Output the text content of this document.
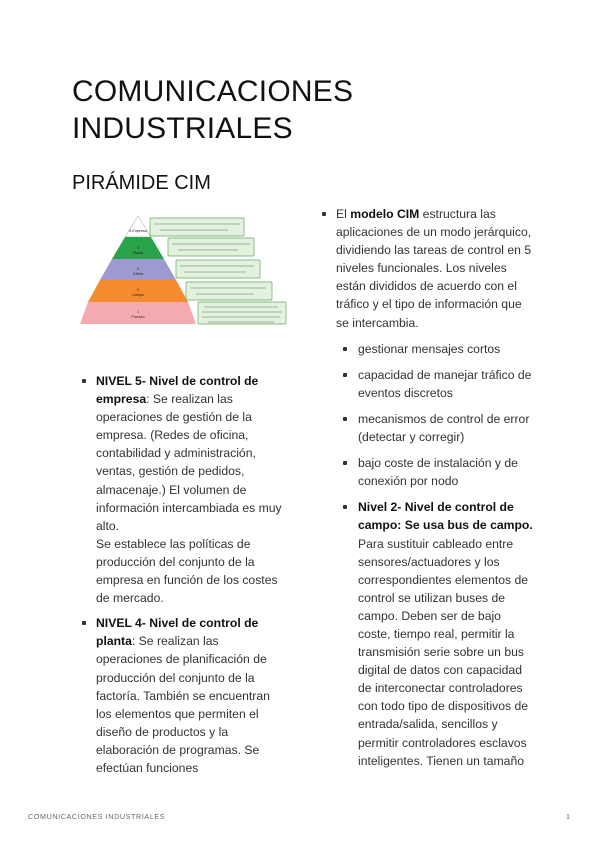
COMUNICACIONES INDUSTRIALES
PIRÁMIDE CIM
5 Empresa
4
Planta
3
Célula
2
Campo
1
Proceso
NIVEL 5- Nivel de control de empresa: Se realizan las operaciones de gestión de la empresa. (Redes de oficina, contabilidad y administración, ventas, gestión de pedidos, almacenaje.) El volumen de información intercambiada es muy alto.
Se establece las políticas de producción del conjunto de la empresa en función de los costes de mercado.
NIVEL 4- Nivel de control de planta: Se realizan las operaciones de planificación de producción del conjunto de la factoría. También se encuentran los elementos que permiten el diseño de productos y la elaboración de programas. Se efectúan funciones
El modelo CIM estructura las aplicaciones de un modo jerárquico, dividiendo las tareas de control en 5 niveles funcionales. Los niveles están divididos de acuerdo con el tráfico y el tipo de información que se intercambia.
gestionar mensajes cortos
capacidad de manejar tráfico de eventos discretos
mecanismos de control de error (detectar y corregir)
bajo coste de instalación y de conexión por nodo
Nivel 2- Nivel de control de campo: Se usa bus de campo. Para sustituir cableado entre sensores/actuadores y los correspondientes elementos de control se utilizan buses de campo. Deben ser de bajo coste, tiempo real, permitir la transmisión serie sobre un bus digital de datos con capacidad de interconectar controladores con todo tipo de dispositivos de entrada/salida, sencillos y permitir controladores esclavos inteligentes. Tienen un tamaño
COMUNICACIONES INDUSTRIALES	1
